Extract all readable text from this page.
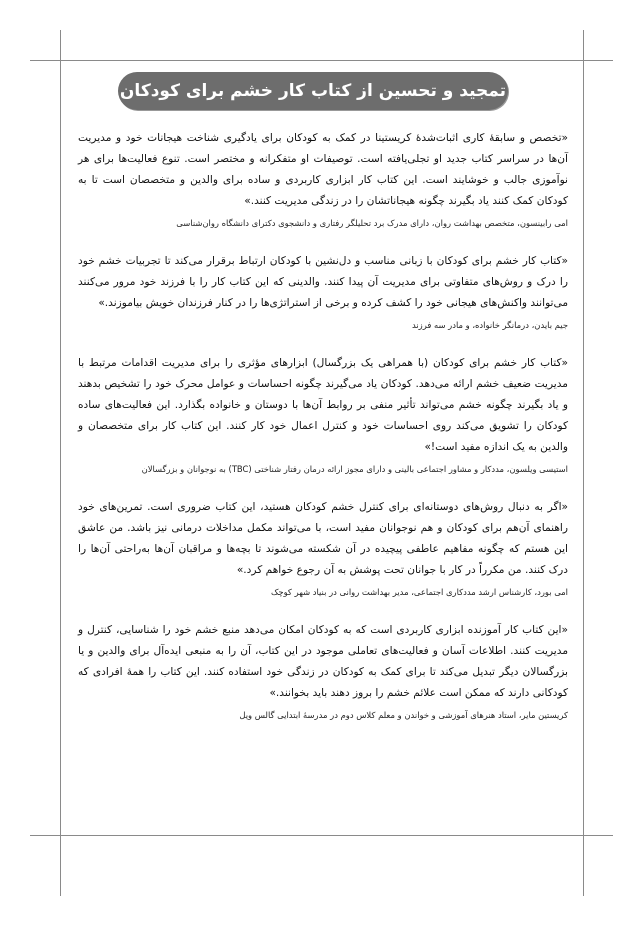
تمجید و تحسین از کتاب کار خشم برای کودکان

«تخصص و سابقهٔ کاری اثبات‌شدهٔ کریستینا در کمک به کودکان برای یادگیری شناخت هیجانات خود و مدیریت آن‌ها در سراسر کتاب جدید او تجلی‌یافته است. توصیفات او متفکرانه و مختصر است. تنوع فعالیت‌ها برای هر نوآموزی جالب و خوشایند است. این کتاب کار ابزاری کاربردی و ساده برای والدین و متخصصان است تا به کودکان کمک کنند یاد بگیرند چگونه هیجاناتشان را در زندگی مدیریت کنند.»

امی رابینسون، متخصص بهداشت روان، دارای مدرک برد تحلیلگر رفتاری و دانشجوی دکترای دانشگاه روان‌شناسی

«کتاب کار خشم برای کودکان با زبانی مناسب و دل‌نشین با کودکان ارتباط برقرار می‌کند تا تجربیات خشم خود را درک و روش‌های متفاوتی برای مدیریت آن پیدا کنند. والدینی که این کتاب کار را با فرزند خود مرور می‌کنند می‌توانند واکنش‌های هیجانی خود را کشف کرده و برخی از استراتژی‌ها را در کنار فرزندان خویش بیاموزند.»

جیم بایدن، درمانگر خانواده، و مادر سه فرزند

«کتاب کار خشم برای کودکان (با همراهی یک بزرگسال) ابزارهای مؤثری را برای مدیریت اقدامات مرتبط با مدیریت ضعیف خشم ارائه می‌دهد. کودکان یاد می‌گیرند چگونه احساسات و عوامل محرک خود را تشخیص بدهند و یاد بگیرند چگونه خشم می‌تواند تأثیر منفی بر روابط آن‌ها با دوستان و خانواده بگذارد. این فعالیت‌های ساده کودکان را تشویق می‌کند روی احساسات خود و کنترل اعمال خود کار کنند. این کتاب کار برای متخصصان و والدین به یک اندازه مفید است!»

استیسی ویلسون، مددکار و مشاور اجتماعی بالینی و دارای مجوز ارائه درمان رفتار شناختی (TBC) به نوجوانان و بزرگسالان

«اگر به دنبال روش‌های دوستانه‌ای برای کنترل خشم کودکان هستید، این کتاب ضروری است. تمرین‌های خود راهنمای آن‌هم برای کودکان و هم نوجوانان مفید است، با می‌تواند مکمل مداخلات درمانی نیز باشد. من عاشق این هستم که چگونه مفاهیم عاطفی پیچیده در آن شکسته می‌شوند تا بچه‌ها و مراقبان آن‌ها به‌راحتی آن‌ها را درک کنند. من مکرراً در کار با جوانان تحت پوشش به آن رجوع خواهم کرد.»

امی بورد، کارشناس ارشد مددکاری اجتماعی، مدیر بهداشت روانی در بنیاد شهر کوچک

«این کتاب کار آموزنده ابزاری کاربردی است که به کودکان امکان می‌دهد منبع خشم خود را شناسایی، کنترل و مدیریت کنند. اطلاعات آسان و فعالیت‌های تعاملی موجود در این کتاب، آن را به منبعی ایده‌آل برای والدین و یا بزرگسالان دیگر تبدیل می‌کند تا برای کمک به کودکان در زندگی خود استفاده کنند. این کتاب را همهٔ افرادی که کودکانی دارند که ممکن است علائم خشم را بروز دهند باید بخوانند.»

کریستین مایر، استاد هنرهای آموزشی و خواندن و معلم کلاس دوم در مدرسهٔ ابتدایی گالس ویل
